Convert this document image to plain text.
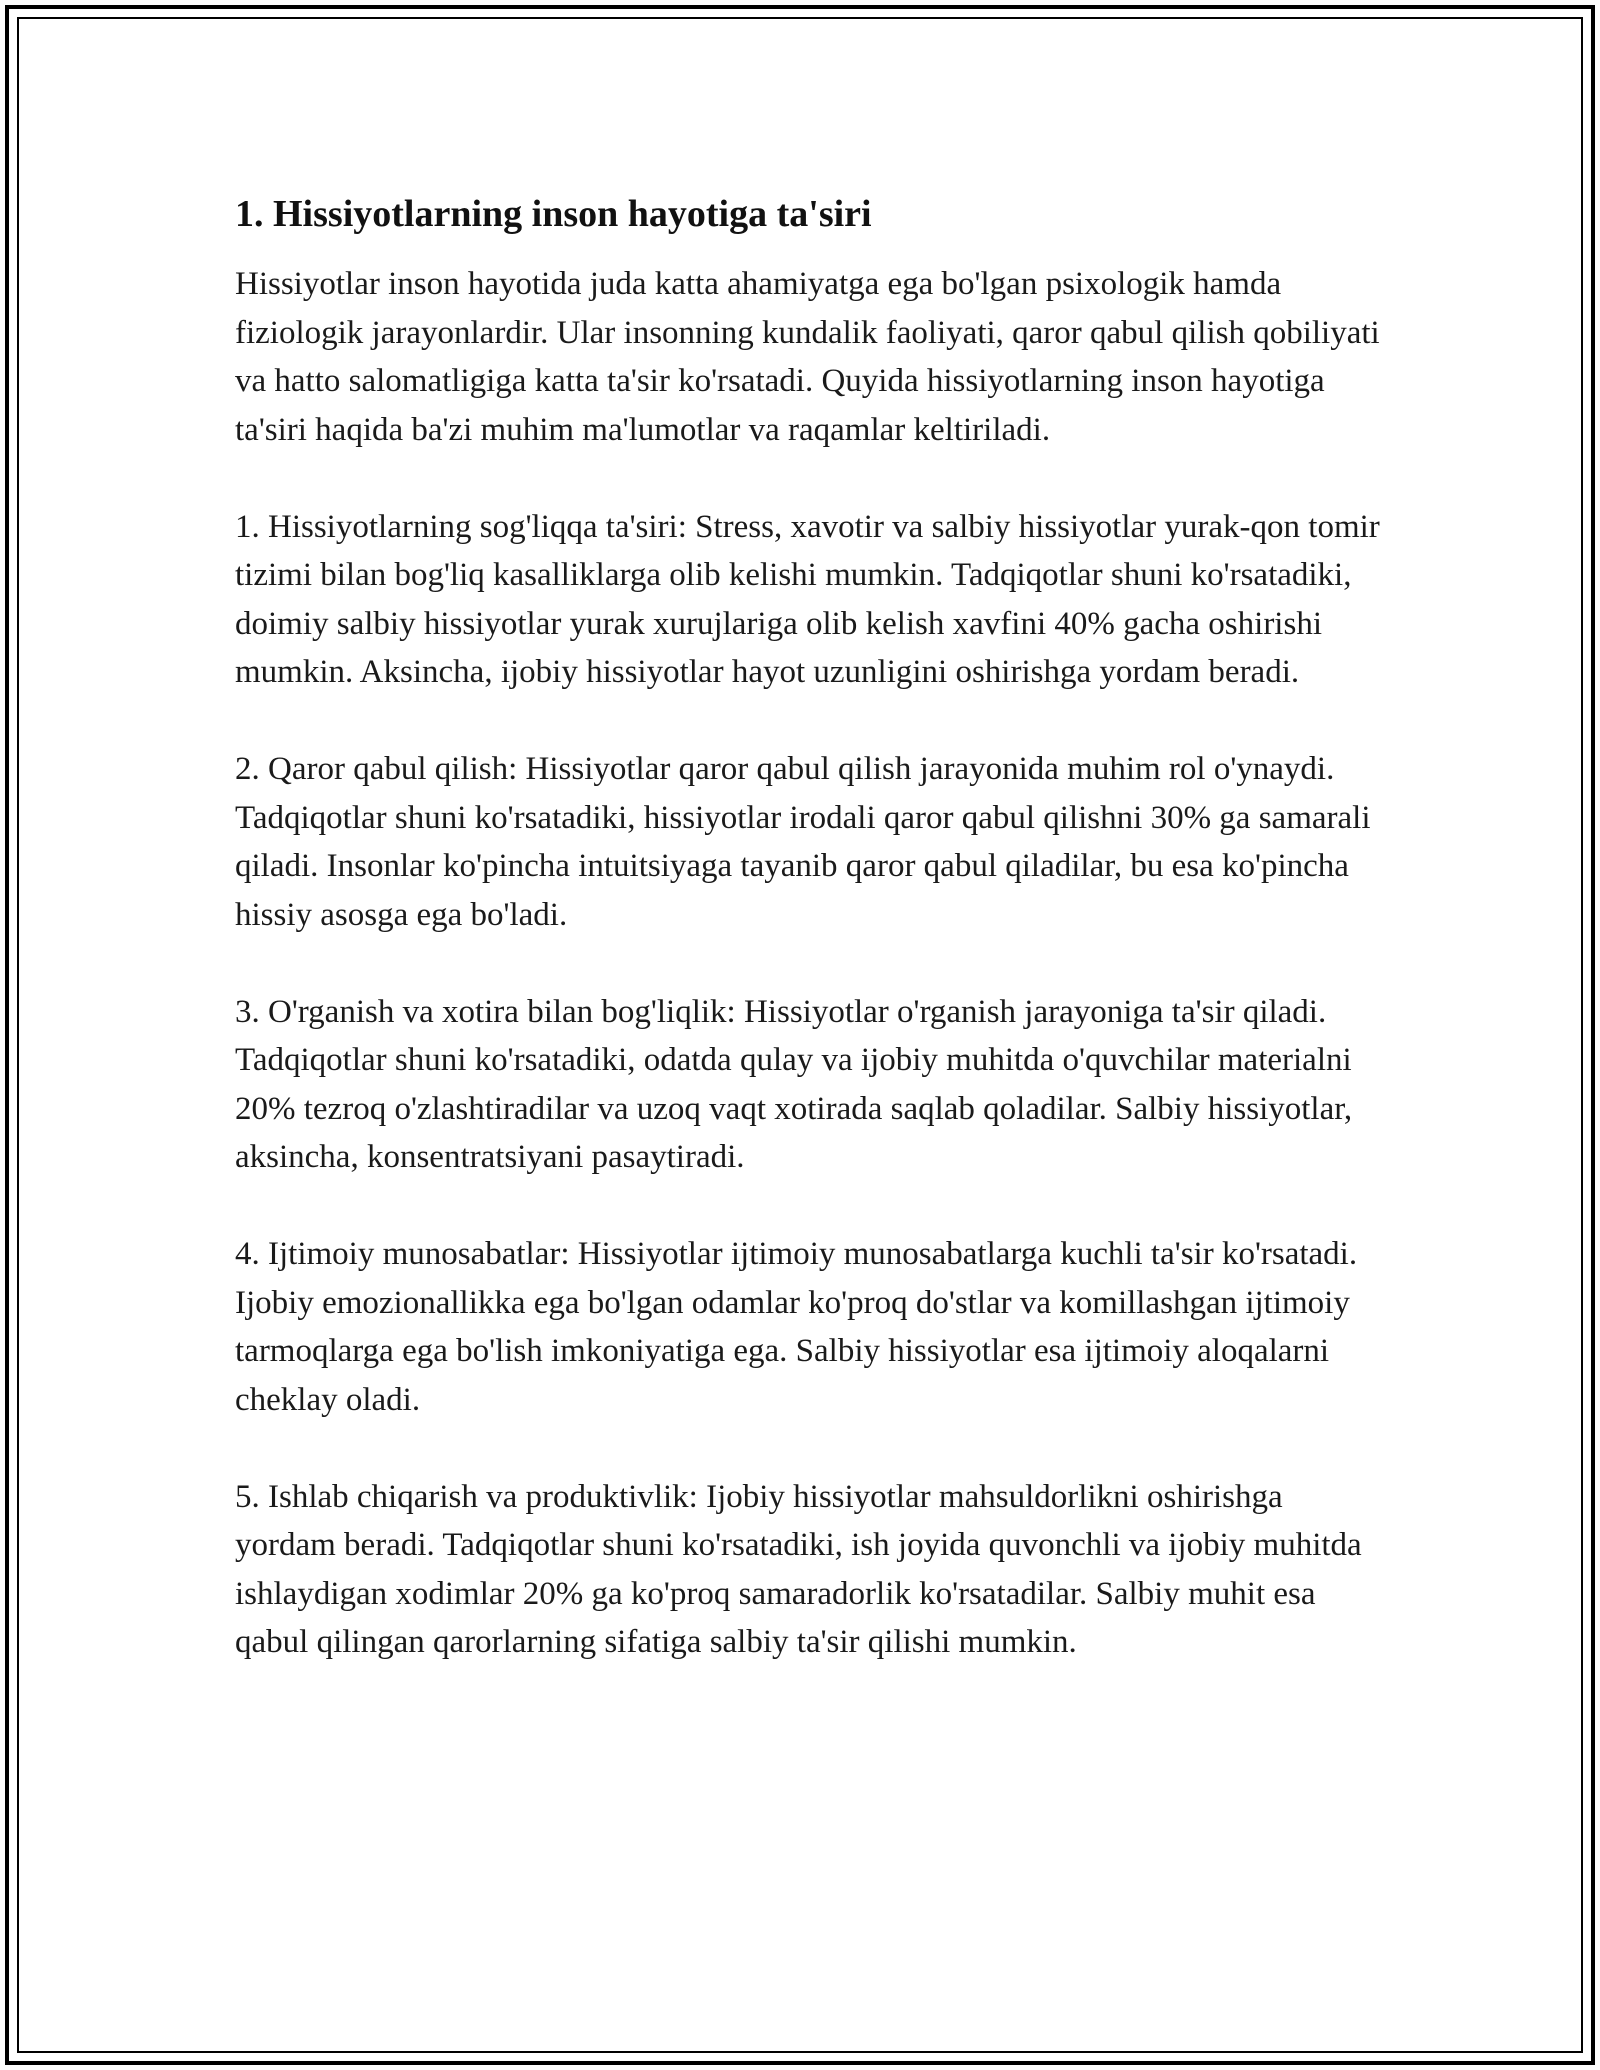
1. Hissiyotlarning inson hayotiga ta'siri

Hissiyotlar inson hayotida juda katta ahamiyatga ega bo'lgan psixologik hamda fiziologik jarayonlardir. Ular insonning kundalik faoliyati, qaror qabul qilish qobiliyati va hatto salomatligiga katta ta'sir ko'rsatadi. Quyida hissiyotlarning inson hayotiga ta'siri haqida ba'zi muhim ma'lumotlar va raqamlar keltiriladi.

1. Hissiyotlarning sog'liqqa ta'siri: Stress, xavotir va salbiy hissiyotlar yurak-qon tomir tizimi bilan bog'liq kasalliklarga olib kelishi mumkin. Tadqiqotlar shuni ko'rsatadiki, doimiy salbiy hissiyotlar yurak xurujlariga olib kelish xavfini 40% gacha oshirishi mumkin. Aksincha, ijobiy hissiyotlar hayot uzunligini oshirishga yordam beradi.

2. Qaror qabul qilish: Hissiyotlar qaror qabul qilish jarayonida muhim rol o'ynaydi. Tadqiqotlar shuni ko'rsatadiki, hissiyotlar irodali qaror qabul qilishni 30% ga samarali qiladi. Insonlar ko'pincha intuitsiyaga tayanib qaror qabul qiladilar, bu esa ko'pincha hissiy asosga ega bo'ladi.

3. O'rganish va xotira bilan bog'liqlik: Hissiyotlar o'rganish jarayoniga ta'sir qiladi. Tadqiqotlar shuni ko'rsatadiki, odatda qulay va ijobiy muhitda o'quvchilar materialni 20% tezroq o'zlashtiradilar va uzoq vaqt xotirada saqlab qoladilar. Salbiy hissiyotlar, aksincha, konsentratsiyani pasaytiradi.

4. Ijtimoiy munosabatlar: Hissiyotlar ijtimoiy munosabatlarga kuchli ta'sir ko'rsatadi. Ijobiy emozionallikka ega bo'lgan odamlar ko'proq do'stlar va komillashgan ijtimoiy tarmoqlarga ega bo'lish imkoniyatiga ega. Salbiy hissiyotlar esa ijtimoiy aloqalarni cheklay oladi.

5. Ishlab chiqarish va produktivlik: Ijobiy hissiyotlar mahsuldorlikni oshirishga yordam beradi. Tadqiqotlar shuni ko'rsatadiki, ish joyida quvonchli va ijobiy muhitda ishlaydigan xodimlar 20% ga ko'proq samaradorlik ko'rsatadilar. Salbiy muhit esa qabul qilingan qarorlarning sifatiga salbiy ta'sir qilishi mumkin.
